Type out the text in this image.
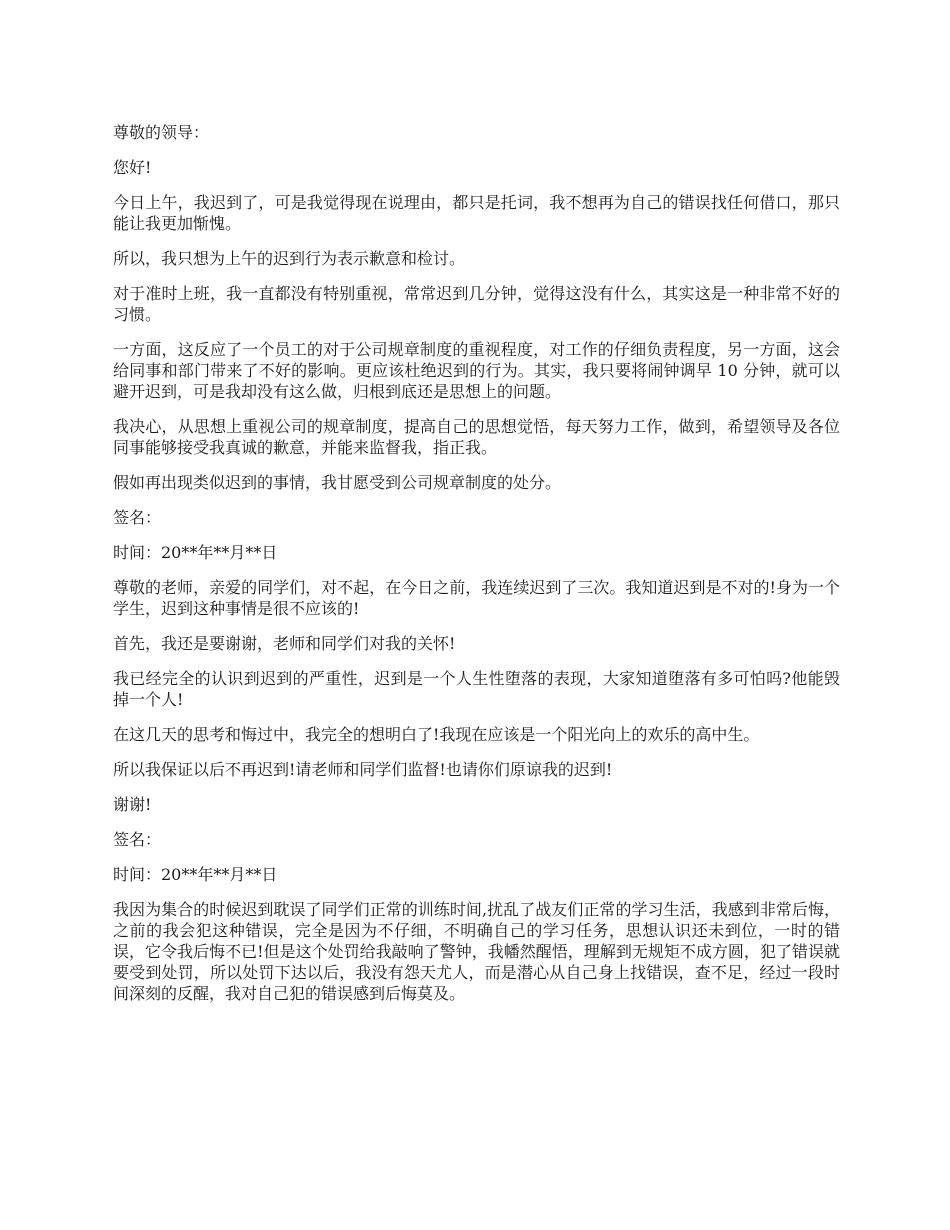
尊敬的领导：

您好!

今日上午，我迟到了，可是我觉得现在说理由，都只是托词，我不想再为自己的错误找任何借口，那只能让我更加惭愧。

所以，我只想为上午的迟到行为表示歉意和检讨。

对于准时上班，我一直都没有特别重视，常常迟到几分钟，觉得这没有什么，其实这是一种非常不好的习惯。

一方面，这反应了一个员工的对于公司规章制度的重视程度，对工作的仔细负责程度，另一方面，这会给同事和部门带来了不好的影响。更应该杜绝迟到的行为。其实，我只要将闹钟调早 10 分钟，就可以避开迟到，可是我却没有这么做，归根到底还是思想上的问题。

我决心，从思想上重视公司的规章制度，提高自己的思想觉悟，每天努力工作，做到，希望领导及各位同事能够接受我真诚的歉意，并能来监督我，指正我。

假如再出现类似迟到的事情，我甘愿受到公司规章制度的处分。

签名：

时间：20**年**月**日

尊敬的老师，亲爱的同学们，对不起，在今日之前，我连续迟到了三次。我知道迟到是不对的!身为一个学生，迟到这种事情是很不应该的!

首先，我还是要谢谢，老师和同学们对我的关怀!

我已经完全的认识到迟到的严重性，迟到是一个人生性堕落的表现，大家知道堕落有多可怕吗?他能毁掉一个人!

在这几天的思考和悔过中，我完全的想明白了!我现在应该是一个阳光向上的欢乐的高中生。

所以我保证以后不再迟到!请老师和同学们监督!也请你们原谅我的迟到!

谢谢!

签名：

时间：20**年**月**日

我因为集合的时候迟到耽误了同学们正常的训练时间,扰乱了战友们正常的学习生活，我感到非常后悔，之前的我会犯这种错误，完全是因为不仔细，不明确自己的学习任务，思想认识还未到位，一时的错误，它令我后悔不已!但是这个处罚给我敲响了警钟，我幡然醒悟，理解到无规矩不成方圆，犯了错误就要受到处罚，所以处罚下达以后，我没有怨天尤人，而是潜心从自己身上找错误，查不足，经过一段时间深刻的反醒，我对自己犯的错误感到后悔莫及。
